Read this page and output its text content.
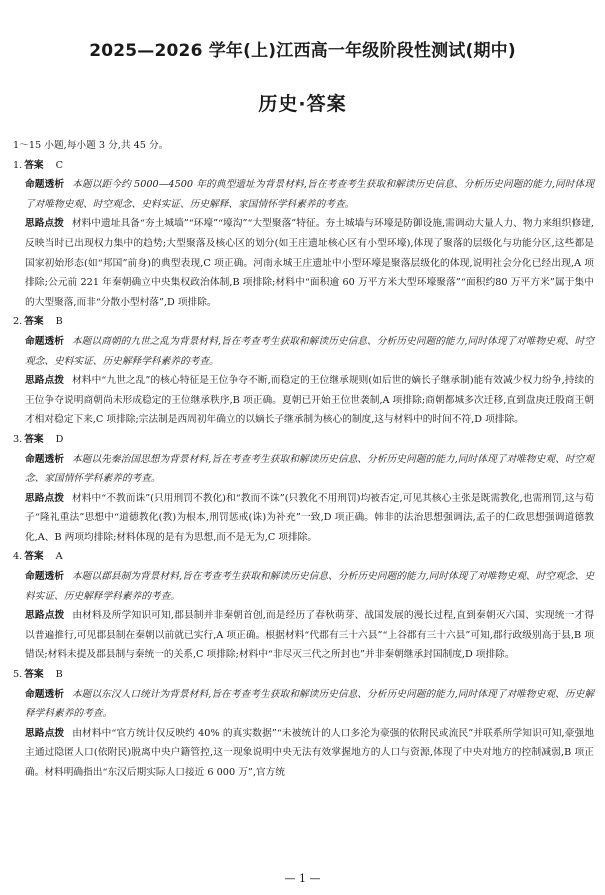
2025—2026 学年(上)江西高一年级阶段性测试(期中)
历史·答案

1～15 小题,每小题 3 分,共 45 分。

1. 答案 C

命题透析 本题以距今约 5000—4500 年的典型遗址为背景材料,旨在考查考生获取和解读历史信息、分析历史问题的能力,同时体现了对唯物史观、时空观念、史料实证、历史解释、家国情怀学科素养的考查。

思路点拨 材料中遗址具备“夯土城墙”“环壕”“壕沟”“大型聚落”特征。夯土城墙与环壕是防御设施,需调动大量人力、物力来组织修建,反映当时已出现权力集中的趋势;大型聚落及核心区的划分(如王庄遗址核心区有小型环壕),体现了聚落的层级化与功能分区,这些都是国家初始形态(如“邦国”前身)的典型表现,C 项正确。河南永城王庄遗址中小型环壕是聚落层级化的体现,说明社会分化已经出现,A 项排除;公元前 221 年秦朝确立中央集权政治体制,B 项排除;材料中“面积逾 60 万平方米大型环壕聚落”“面积约80 万平方米”属于集中的大型聚落,而非“分散小型村落”,D 项排除。

2. 答案 B

命题透析 本题以商朝的九世之乱为背景材料,旨在考查考生获取和解读历史信息、分析历史问题的能力,同时体现了对唯物史观、时空观念、史料实证、历史解释学科素养的考查。

思路点拨 材料中“九世之乱”的核心特征是王位争夺不断,而稳定的王位继承规则(如后世的嫡长子继承制)能有效减少权力纷争,持续的王位争夺说明商朝尚未形成稳定的王位继承秩序,B 项正确。夏朝已开始王位世袭制,A 项排除;商朝都城多次迁移,直到盘庚迁殷商王朝才相对稳定下来,C 项排除;宗法制是西周初年确立的以嫡长子继承制为核心的制度,这与材料中的时间不符,D 项排除。

3. 答案 D

命题透析 本题以先秦治国思想为背景材料,旨在考查考生获取和解读历史信息、分析历史问题的能力,同时体现了对唯物史观、时空观念、家国情怀学科素养的考查。

思路点拨 材料中“不教而诛”(只用刑罚不教化)和“教而不诛”(只教化不用刑罚)均被否定,可见其核心主张是既需教化,也需刑罚,这与荀子“隆礼重法”思想中“道德教化(教)为根本,刑罚惩戒(诛)为补充”一致,D 项正确。韩非的法治思想强调法,孟子的仁政思想强调道德教化,A、B 两项均排除;材料体现的是有为思想,而不是无为,C 项排除。

4. 答案 A

命题透析 本题以郡县制为背景材料,旨在考查考生获取和解读历史信息、分析历史问题的能力,同时体现了对唯物史观、时空观念、史料实证、历史解释学科素养的考查。

思路点拨 由材料及所学知识可知,郡县制并非秦朝首创,而是经历了春秋萌芽、战国发展的漫长过程,直到秦朝灭六国、实现统一才得以普遍推行,可见郡县制在秦朝以前就已实行,A 项正确。根据材料“代郡有三十六县”“上谷郡有三十六县”可知,郡行政级别高于县,B 项错误;材料未提及郡县制与秦统一的关系,C 项排除;材料中“非尽灭三代之所封也”并非秦朝继承封国制度,D 项排除。

5. 答案 B

命题透析 本题以东汉人口统计为背景材料,旨在考查考生获取和解读历史信息、分析历史问题的能力,同时体现了对唯物史观、历史解释学科素养的考查。

思路点拨 由材料中“官方统计仅反映约 40% 的真实数据”“未被统计的人口多沦为豪强的依附民或流民”并联系所学知识可知,豪强地主通过隐匿人口(依附民)脱离中央户籍管控,这一现象说明中央无法有效掌握地方的人口与资源,体现了中央对地方的控制减弱,B 项正确。材料明确指出“东汉后期实际人口接近 6 000 万”,官方统

— 1 —
